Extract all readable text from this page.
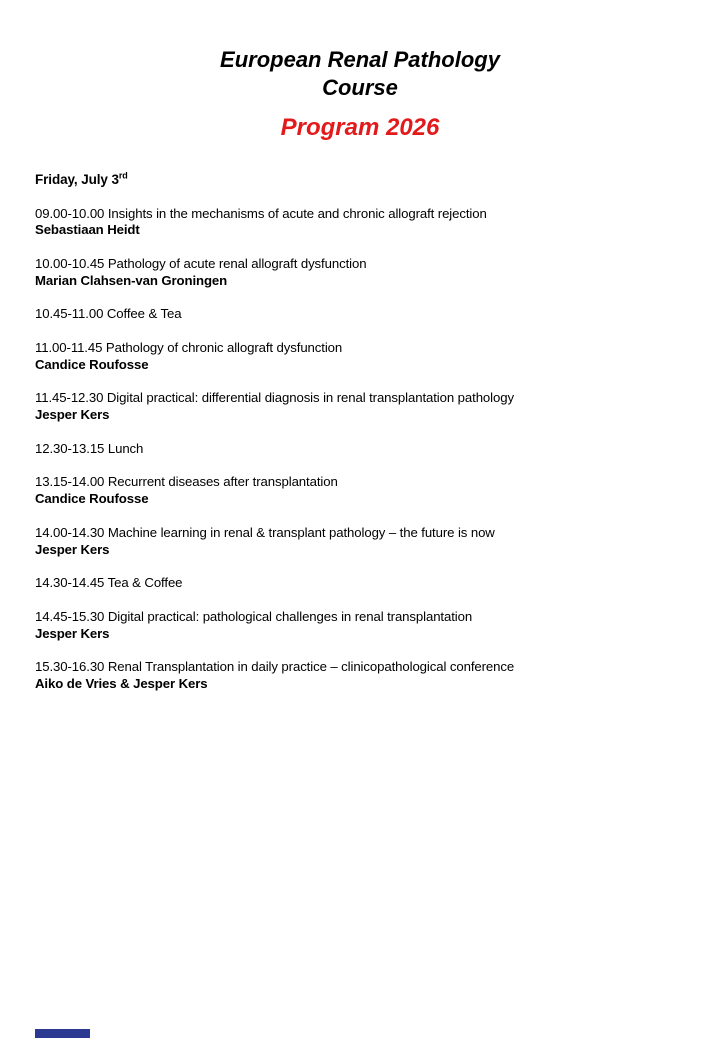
European Renal Pathology
Course
Program 2026
Friday, July 3rd
09.00-10.00 Insights in the mechanisms of acute and chronic allograft rejection
Sebastiaan Heidt
10.00-10.45 Pathology of acute renal allograft dysfunction
Marian Clahsen-van Groningen
10.45-11.00 Coffee & Tea
11.00-11.45 Pathology of chronic allograft dysfunction
Candice Roufosse
11.45-12.30 Digital practical: differential diagnosis in renal transplantation pathology
Jesper Kers
12.30-13.15 Lunch
13.15-14.00 Recurrent diseases after transplantation
Candice Roufosse
14.00-14.30 Machine learning in renal & transplant pathology – the future is now
Jesper Kers
14.30-14.45 Tea & Coffee
14.45-15.30 Digital practical: pathological challenges in renal transplantation
Jesper Kers
15.30-16.30 Renal Transplantation in daily practice – clinicopathological conference
Aiko de Vries & Jesper Kers
